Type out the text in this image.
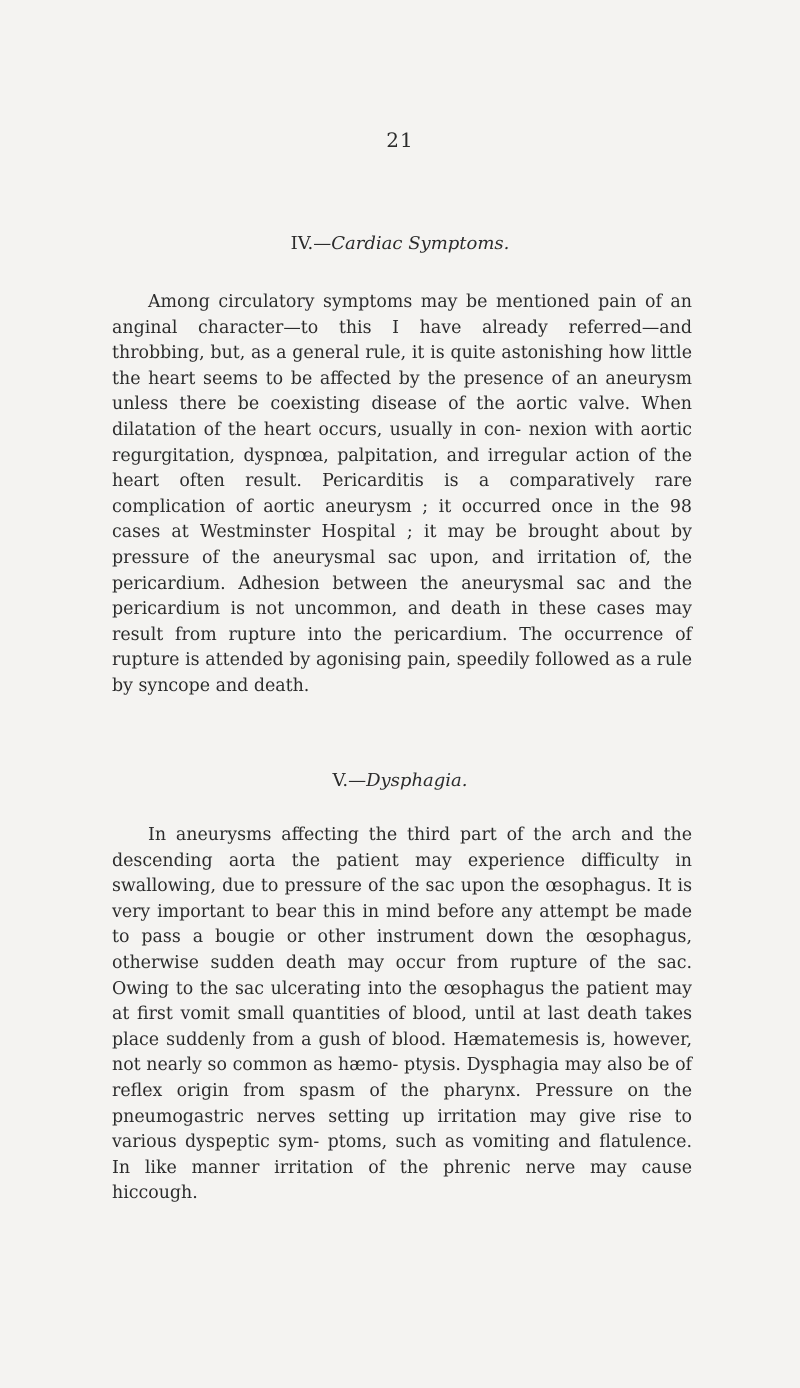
21
IV.—Cardiac Symptoms.

Among circulatory symptoms may be mentioned pain of an anginal character—to this I have already referred—and throbbing, but, as a general rule, it is quite astonishing how little the heart seems to be affected by the presence of an aneurysm unless there be coexisting disease of the aortic valve. When dilatation of the heart occurs, usually in con- nexion with aortic regurgitation, dyspnœa, palpitation, and irregular action of the heart often result. Pericarditis is a comparatively rare complication of aortic aneurysm ; it occurred once in the 98 cases at Westminster Hospital ; it may be brought about by pressure of the aneurysmal sac upon, and irritation of, the pericardium. Adhesion between the aneurysmal sac and the pericardium is not uncommon, and death in these cases may result from rupture into the pericardium. The occurrence of rupture is attended by agonising pain, speedily followed as a rule by syncope and death.

V.—Dysphagia.

In aneurysms affecting the third part of the arch and the descending aorta the patient may experience difficulty in swallowing, due to pressure of the sac upon the œsophagus. It is very important to bear this in mind before any attempt be made to pass a bougie or other instrument down the œsophagus, otherwise sudden death may occur from rupture of the sac. Owing to the sac ulcerating into the œsophagus the patient may at first vomit small quantities of blood, until at last death takes place suddenly from a gush of blood. Hæmatemesis is, however, not nearly so common as hæmo- ptysis. Dysphagia may also be of reflex origin from spasm of the pharynx. Pressure on the pneumogastric nerves setting up irritation may give rise to various dyspeptic sym- ptoms, such as vomiting and flatulence. In like manner irritation of the phrenic nerve may cause hiccough.
